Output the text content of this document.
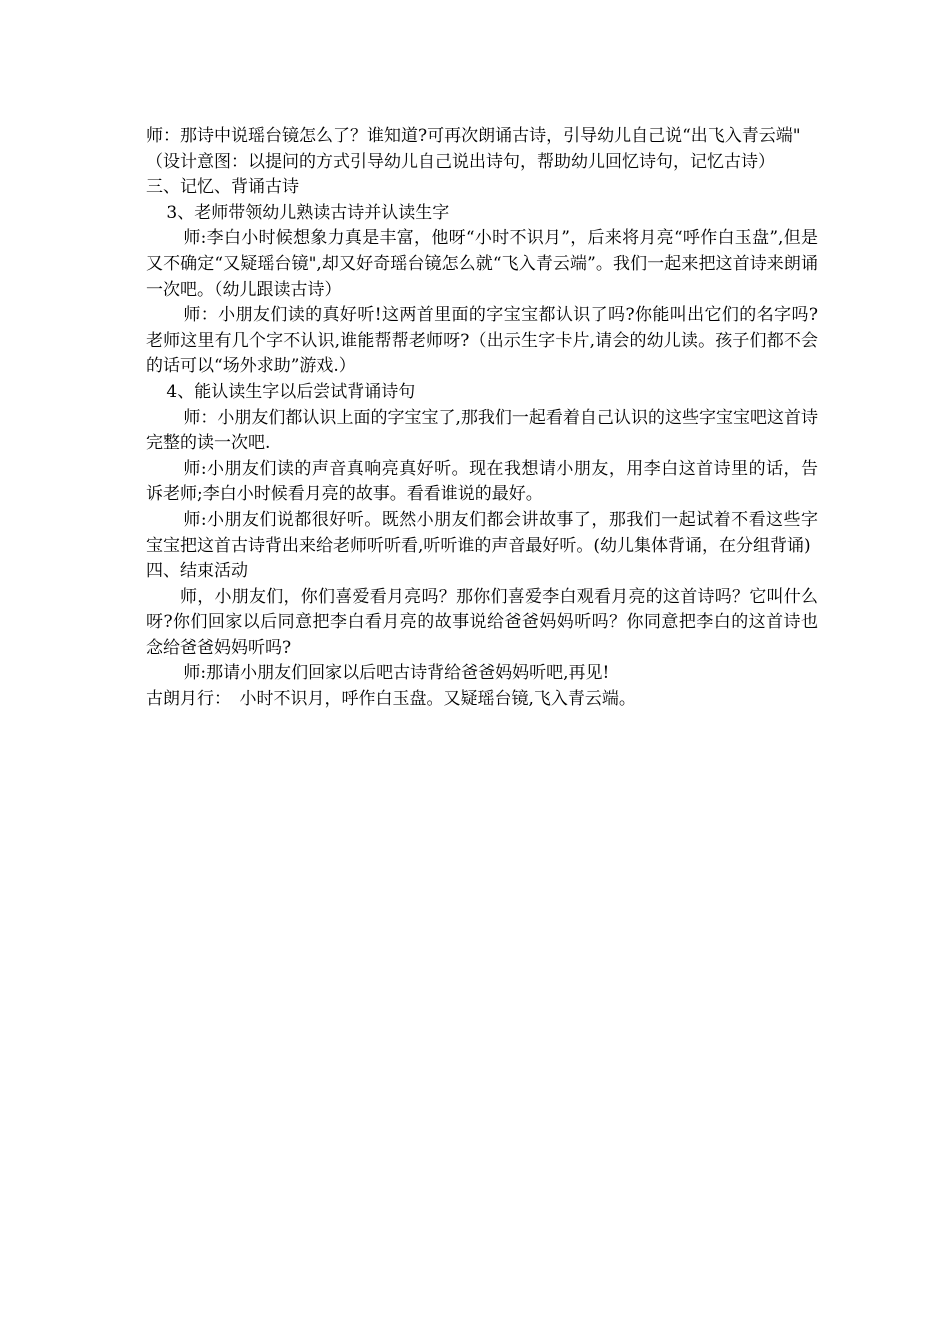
师：那诗中说瑶台镜怎么了？谁知道?可再次朗诵古诗，引导幼儿自己说“出飞入青云端"

（设计意图：以提问的方式引导幼儿自己说出诗句，帮助幼儿回忆诗句，记忆古诗）

三、记忆、背诵古诗

3、老师带领幼儿熟读古诗并认读生字

师:李白小时候想象力真是丰富，他呀“小时不识月”，后来将月亮“呼作白玉盘”,但是又不确定“又疑瑶台镜",却又好奇瑶台镜怎么就“飞入青云端”。我们一起来把这首诗来朗诵一次吧。（幼儿跟读古诗）

师：小朋友们读的真好听!这两首里面的字宝宝都认识了吗?你能叫出它们的名字吗?老师这里有几个字不认识,谁能帮帮老师呀?（出示生字卡片,请会的幼儿读。孩子们都不会的话可以“场外求助”游戏.）

4、能认读生字以后尝试背诵诗句

师：小朋友们都认识上面的字宝宝了,那我们一起看着自己认识的这些字宝宝吧这首诗完整的读一次吧.

师:小朋友们读的声音真响亮真好听。现在我想请小朋友，用李白这首诗里的话，告诉老师;李白小时候看月亮的故事。看看谁说的最好。

师:小朋友们说都很好听。既然小朋友们都会讲故事了，那我们一起试着不看这些字宝宝把这首古诗背出来给老师听听看,听听谁的声音最好听。(幼儿集体背诵，在分组背诵)

四、结束活动

师，小朋友们，你们喜爱看月亮吗？那你们喜爱李白观看月亮的这首诗吗？它叫什么呀?你们回家以后同意把李白看月亮的故事说给爸爸妈妈听吗？你同意把李白的这首诗也念给爸爸妈妈听吗?

师:那请小朋友们回家以后吧古诗背给爸爸妈妈听吧,再见!

古朗月行：　小时不识月，呼作白玉盘。又疑瑶台镜,飞入青云端。
